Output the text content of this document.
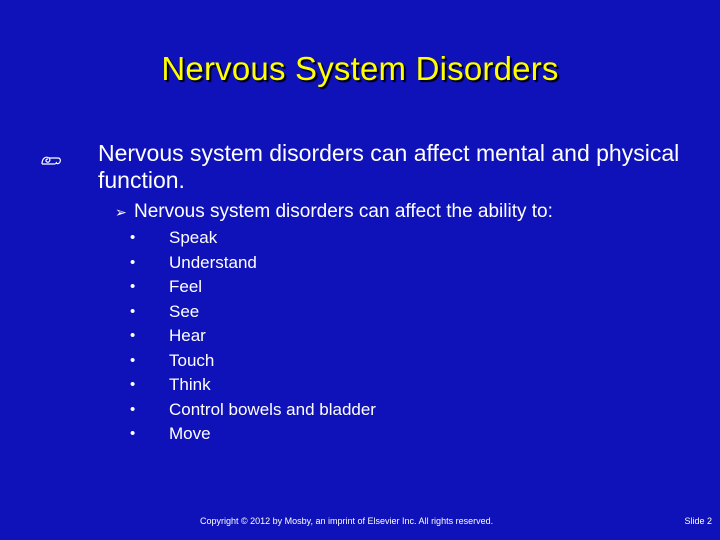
Nervous System Disorders
Nervous system disorders can affect mental and physical function.
➢ Nervous system disorders can affect the ability to:
• Speak
• Understand
• Feel
• See
• Hear
• Touch
• Think
• Control bowels and bladder
• Move
Copyright © 2012 by Mosby, an imprint of Elsevier Inc. All rights reserved.	Slide 2
